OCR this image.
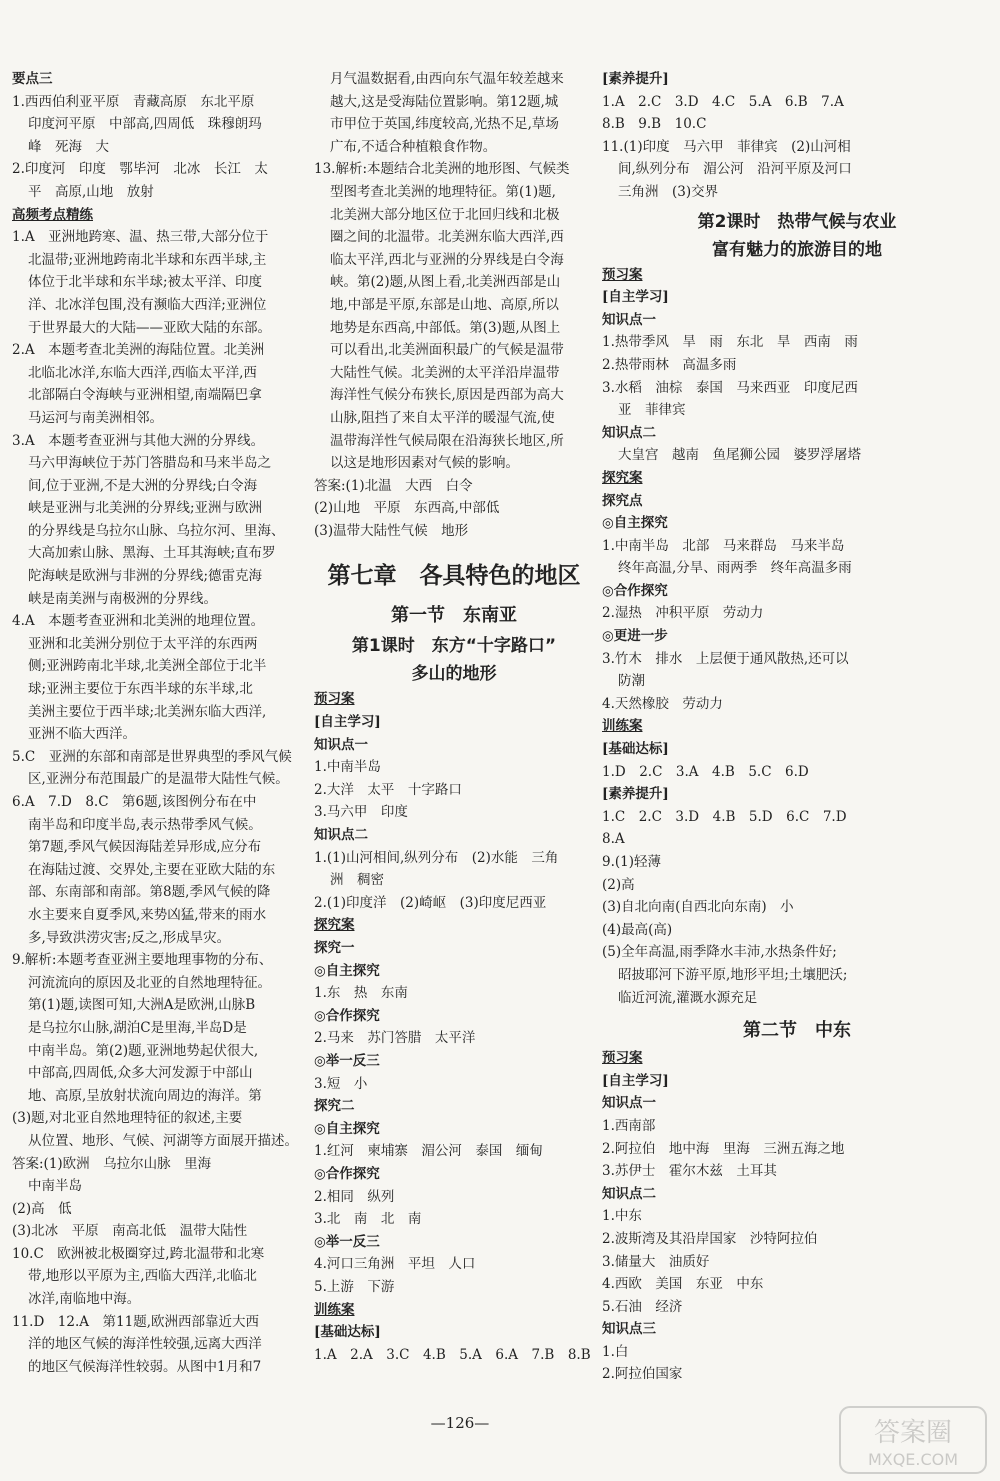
要点三
1.西西伯利亚平原　青藏高原　东北平原
印度河平原　中部高,四周低　珠穆朗玛
峰　死海　大
2.印度河　印度　鄂毕河　北冰　长江　太
平　高原,山地　放射
高频考点精练
1.A　亚洲地跨寒、温、热三带,大部分位于
北温带;亚洲地跨南北半球和东西半球,主
体位于北半球和东半球;被太平洋、印度
洋、北冰洋包围,没有濒临大西洋;亚洲位
于世界最大的大陆——亚欧大陆的东部。
2.A　本题考查北美洲的海陆位置。北美洲
北临北冰洋,东临大西洋,西临太平洋,西
北部隔白令海峡与亚洲相望,南端隔巴拿
马运河与南美洲相邻。
3.A　本题考查亚洲与其他大洲的分界线。
马六甲海峡位于苏门答腊岛和马来半岛之
间,位于亚洲,不是大洲的分界线;白令海
峡是亚洲与北美洲的分界线;亚洲与欧洲
的分界线是乌拉尔山脉、乌拉尔河、里海、
大高加索山脉、黑海、土耳其海峡;直布罗
陀海峡是欧洲与非洲的分界线;德雷克海
峡是南美洲与南极洲的分界线。
4.A　本题考查亚洲和北美洲的地理位置。
亚洲和北美洲分别位于太平洋的东西两
侧;亚洲跨南北半球,北美洲全部位于北半
球;亚洲主要位于东西半球的东半球,北
美洲主要位于西半球;北美洲东临大西洋,
亚洲不临大西洋。
5.C　亚洲的东部和南部是世界典型的季风气候
区,亚洲分布范围最广的是温带大陆性气候。
6.A　7.D　8.C　第6题,该图例分布在中
南半岛和印度半岛,表示热带季风气候。
第7题,季风气候因海陆差异形成,应分布
在海陆过渡、交界处,主要在亚欧大陆的东
部、东南部和南部。第8题,季风气候的降
水主要来自夏季风,来势凶猛,带来的雨水
多,导致洪涝灾害;反之,形成旱灾。
9.解析:本题考查亚洲主要地理事物的分布、
河流流向的原因及北亚的自然地理特征。
第(1)题,读图可知,大洲A是欧洲,山脉B
是乌拉尔山脉,湖泊C是里海,半岛D是
中南半岛。第(2)题,亚洲地势起伏很大,
中部高,四周低,众多大河发源于中部山
地、高原,呈放射状流向周边的海洋。第
(3)题,对北亚自然地理特征的叙述,主要
从位置、地形、气候、河湖等方面展开描述。
答案:(1)欧洲　乌拉尔山脉　里海
中南半岛
(2)高　低
(3)北冰　平原　南高北低　温带大陆性
10.C　欧洲被北极圈穿过,跨北温带和北寒
带,地形以平原为主,西临大西洋,北临北
冰洋,南临地中海。
11.D　12.A　第11题,欧洲西部靠近大西
洋的地区气候的海洋性较强,远离大西洋
的地区气候海洋性较弱。从图中1月和7
月气温数据看,由西向东气温年较差越来
越大,这是受海陆位置影响。第12题,城
市甲位于英国,纬度较高,光热不足,草场
广布,不适合种植粮食作物。
13.解析:本题结合北美洲的地形图、气候类
型图考查北美洲的地理特征。第(1)题,
北美洲大部分地区位于北回归线和北极
圈之间的北温带。北美洲东临大西洋,西
临太平洋,西北与亚洲的分界线是白令海
峡。第(2)题,从图上看,北美洲西部是山
地,中部是平原,东部是山地、高原,所以
地势是东西高,中部低。第(3)题,从图上
可以看出,北美洲面积最广的气候是温带
大陆性气候。北美洲的太平洋沿岸温带
海洋性气候分布狭长,原因是西部为高大
山脉,阻挡了来自太平洋的暖湿气流,使
温带海洋性气候局限在沿海狭长地区,所
以这是地形因素对气候的影响。
答案:(1)北温　大西　白令
(2)山地　平原　东西高,中部低
(3)温带大陆性气候　地形
第七章　各具特色的地区
第一节　东南亚
第1课时　东方“十字路口”
多山的地形
预习案
[自主学习]
知识点一
1.中南半岛
2.大洋　太平　十字路口
3.马六甲　印度
知识点二
1.(1)山河相间,纵列分布　(2)水能　三角
洲　稠密
2.(1)印度洋　(2)崎岖　(3)印度尼西亚
探究案
探究一
◎自主探究
1.东　热　东南
◎合作探究
2.马来　苏门答腊　太平洋
◎举一反三
3.短　小
探究二
◎自主探究
1.红河　柬埔寨　湄公河　泰国　缅甸
◎合作探究
2.相同　纵列
3.北　南　北　南
◎举一反三
4.河口三角洲　平坦　人口
5.上游　下游
训练案
[基础达标]
1.A　2.A　3.C　4.B　5.A　6.A　7.B　8.B
[素养提升]
1.A　2.C　3.D　4.C　5.A　6.B　7.A
8.B　9.B　10.C
11.(1)印度　马六甲　菲律宾　(2)山河相
间,纵列分布　湄公河　沿河平原及河口
三角洲　(3)交界
第2课时　热带气候与农业
富有魅力的旅游目的地
预习案
[自主学习]
知识点一
1.热带季风　旱　雨　东北　旱　西南　雨
2.热带雨林　高温多雨
3.水稻　油棕　泰国　马来西亚　印度尼西
亚　菲律宾
知识点二
大皇宫　越南　鱼尾狮公园　婆罗浮屠塔
探究案
探究点
◎自主探究
1.中南半岛　北部　马来群岛　马来半岛
终年高温,分旱、雨两季　终年高温多雨
◎合作探究
2.湿热　冲积平原　劳动力
◎更进一步
3.竹木　排水　上层便于通风散热,还可以
防潮
4.天然橡胶　劳动力
训练案
[基础达标]
1.D　2.C　3.A　4.B　5.C　6.D
[素养提升]
1.C　2.C　3.D　4.B　5.D　6.C　7.D
8.A
9.(1)轻薄
(2)高
(3)自北向南(自西北向东南)　小
(4)最高(高)
(5)全年高温,雨季降水丰沛,水热条件好;
昭披耶河下游平原,地形平坦;土壤肥沃;
临近河流,灌溉水源充足
第二节　中东
预习案
[自主学习]
知识点一
1.西南部
2.阿拉伯　地中海　里海　三洲五海之地
3.苏伊士　霍尔木兹　土耳其
知识点二
1.中东
2.波斯湾及其沿岸国家　沙特阿拉伯
3.储量大　油质好
4.西欧　美国　东亚　中东
5.石油　经济
知识点三
1.白
2.阿拉伯国家
—126—	答案圈
MXQE.COM
